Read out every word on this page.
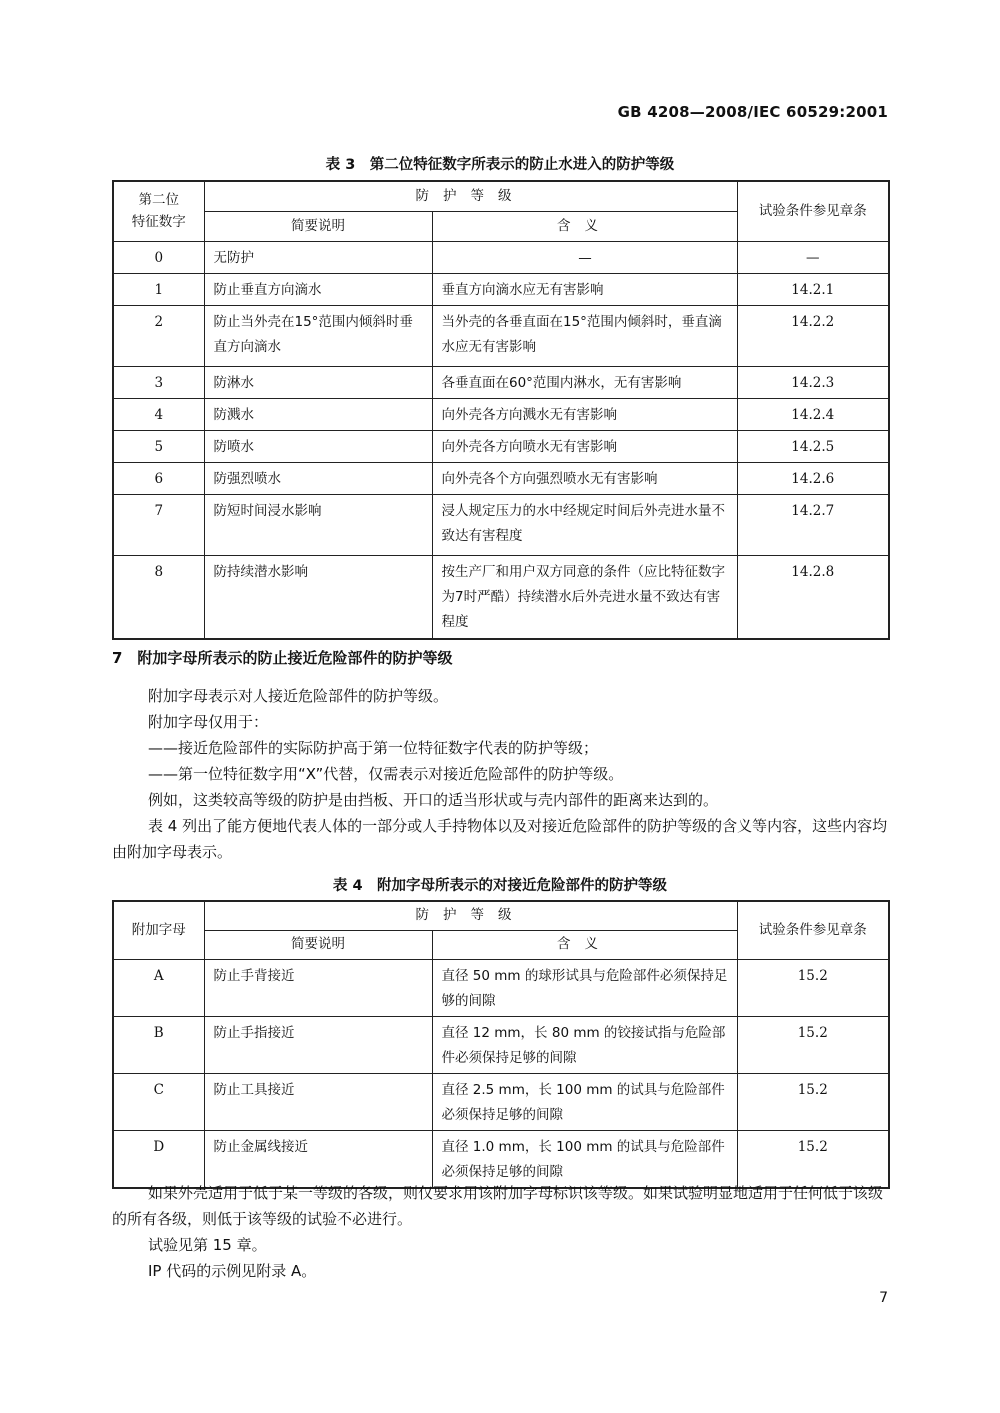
GB 4208—2008/IEC 60529:2001
表 3　第二位特征数字所表示的防止水进入的防护等级
第二位
特征数字	防护等级		试验条件参见章条
	简要说明	含义	
0	无防护	—	—
1	防止垂直方向滴水	垂直方向滴水应无有害影响	14.2.1
2	防止当外壳在15°范围内倾斜时垂直方向滴水	当外壳的各垂直面在15°范围内倾斜时，垂直滴水应无有害影响	14.2.2
3	防淋水	各垂直面在60°范围内淋水，无有害影响	14.2.3
4	防溅水	向外壳各方向溅水无有害影响	14.2.4
5	防喷水	向外壳各方向喷水无有害影响	14.2.5
6	防强烈喷水	向外壳各个方向强烈喷水无有害影响	14.2.6
7	防短时间浸水影响	浸人规定压力的水中经规定时间后外壳进水量不致达有害程度	14.2.7
8	防持续潜水影响	按生产厂和用户双方同意的条件（应比特征数字为7时严酷）持续潜水后外壳进水量不致达有害程度	14.2.8
7　附加字母所表示的防止接近危险部件的防护等级
附加字母表示对人接近危险部件的防护等级。
附加字母仅用于：
——接近危险部件的实际防护高于第一位特征数字代表的防护等级；
——第一位特征数字用“X”代替，仅需表示对接近危险部件的防护等级。
例如，这类较高等级的防护是由挡板、开口的适当形状或与壳内部件的距离来达到的。
表 4 列出了能方便地代表人体的一部分或人手持物体以及对接近危险部件的防护等级的含义等内容，这些内容均由附加字母表示。
表 4　附加字母所表示的对接近危险部件的防护等级
附加字母	防护等级		试验条件参见章条
	简要说明	含义	
A	防止手背接近	直径 50 mm 的球形试具与危险部件必须保持足够的间隙	15.2
B	防止手指接近	直径 12 mm，长 80 mm 的铰接试指与危险部件必须保持足够的间隙	15.2
C	防止工具接近	直径 2.5 mm，长 100 mm 的试具与危险部件必须保持足够的间隙	15.2
D	防止金属线接近	直径 1.0 mm，长 100 mm 的试具与危险部件必须保持足够的间隙	15.2
如果外壳适用于低于某一等级的各级，则仅要求用该附加字母标识该等级。如果试验明显地适用于任何低于该级的所有各级，则低于该等级的试验不必进行。
试验见第 15 章。
IP 代码的示例见附录 A。
7
